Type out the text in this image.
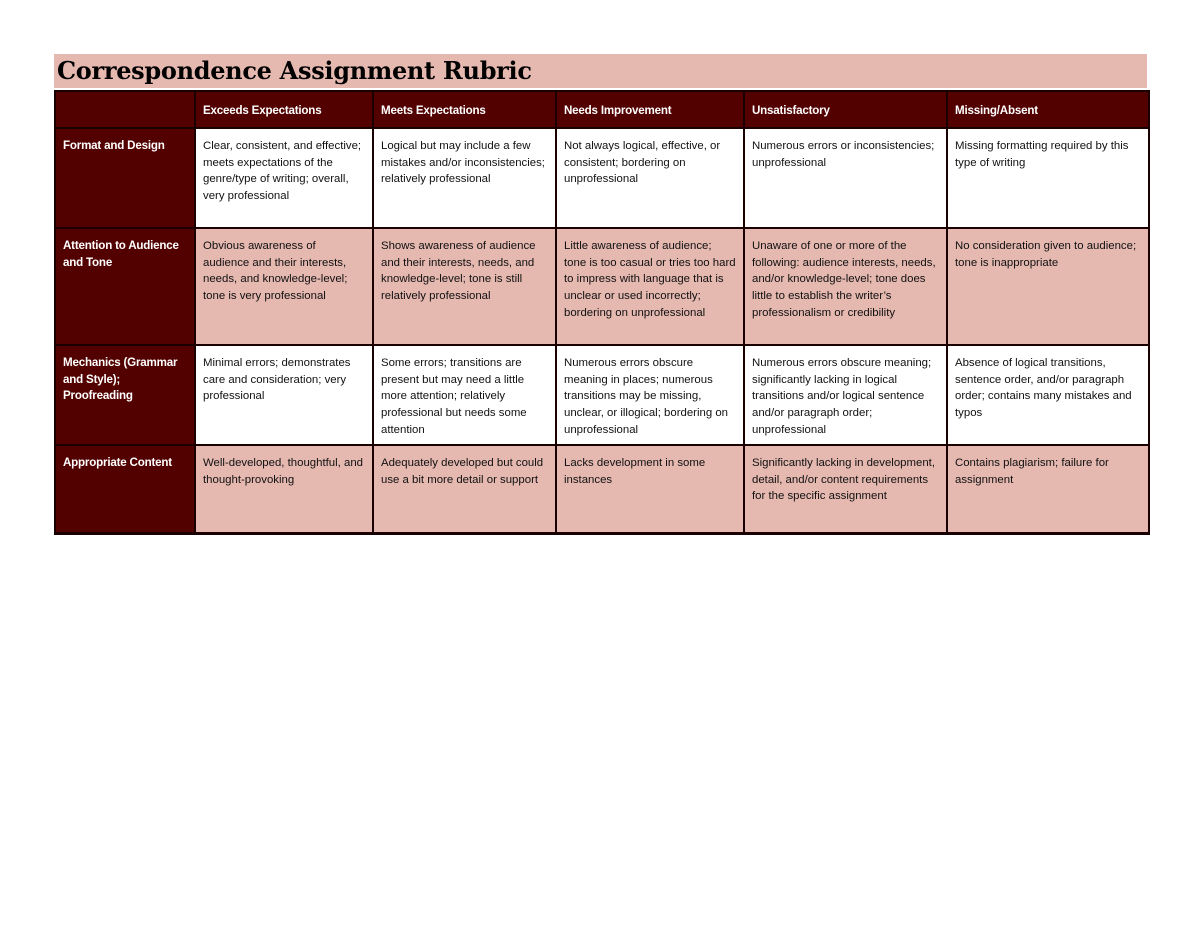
Correspondence Assignment Rubric
	Exceeds Expectations	Meets Expectations	Needs Improvement	Unsatisfactory	Missing/Absent
Format and Design	Clear, consistent, and effective; meets expectations of the genre/type of writing; overall, very professional	Logical but may include a few mistakes and/or inconsistencies; relatively professional	Not always logical, effective, or consistent; bordering on unprofessional	Numerous errors or inconsistencies; unprofessional	Missing formatting required by this type of writing
Attention to Audience and Tone	Obvious awareness of audience and their interests, needs, and knowledge-level; tone is very professional	Shows awareness of audience and their interests, needs, and knowledge-level; tone is still relatively professional	Little awareness of audience; tone is too casual or tries too hard to impress with language that is unclear or used incorrectly; bordering on unprofessional	Unaware of one or more of the following: audience interests, needs, and/or knowledge-level; tone does little to establish the writer’s professionalism or credibility	No consideration given to audience; tone is inappropriate
Mechanics (Grammar and Style); Proofreading	Minimal errors; demonstrates care and consideration; very professional	Some errors; transitions are present but may need a little more attention; relatively professional but needs some attention	Numerous errors obscure meaning in places; numerous transitions may be missing, unclear, or illogical; bordering on unprofessional	Numerous errors obscure meaning; significantly lacking in logical transitions and/or logical sentence and/or paragraph order; unprofessional	Absence of logical transitions, sentence order, and/or paragraph order; contains many mistakes and typos
Appropriate Content	Well-developed, thoughtful, and thought-provoking	Adequately developed but could use a bit more detail or support	Lacks development in some instances	Significantly lacking in development, detail, and/or content requirements for the specific assignment	Contains plagiarism; failure for assignment
